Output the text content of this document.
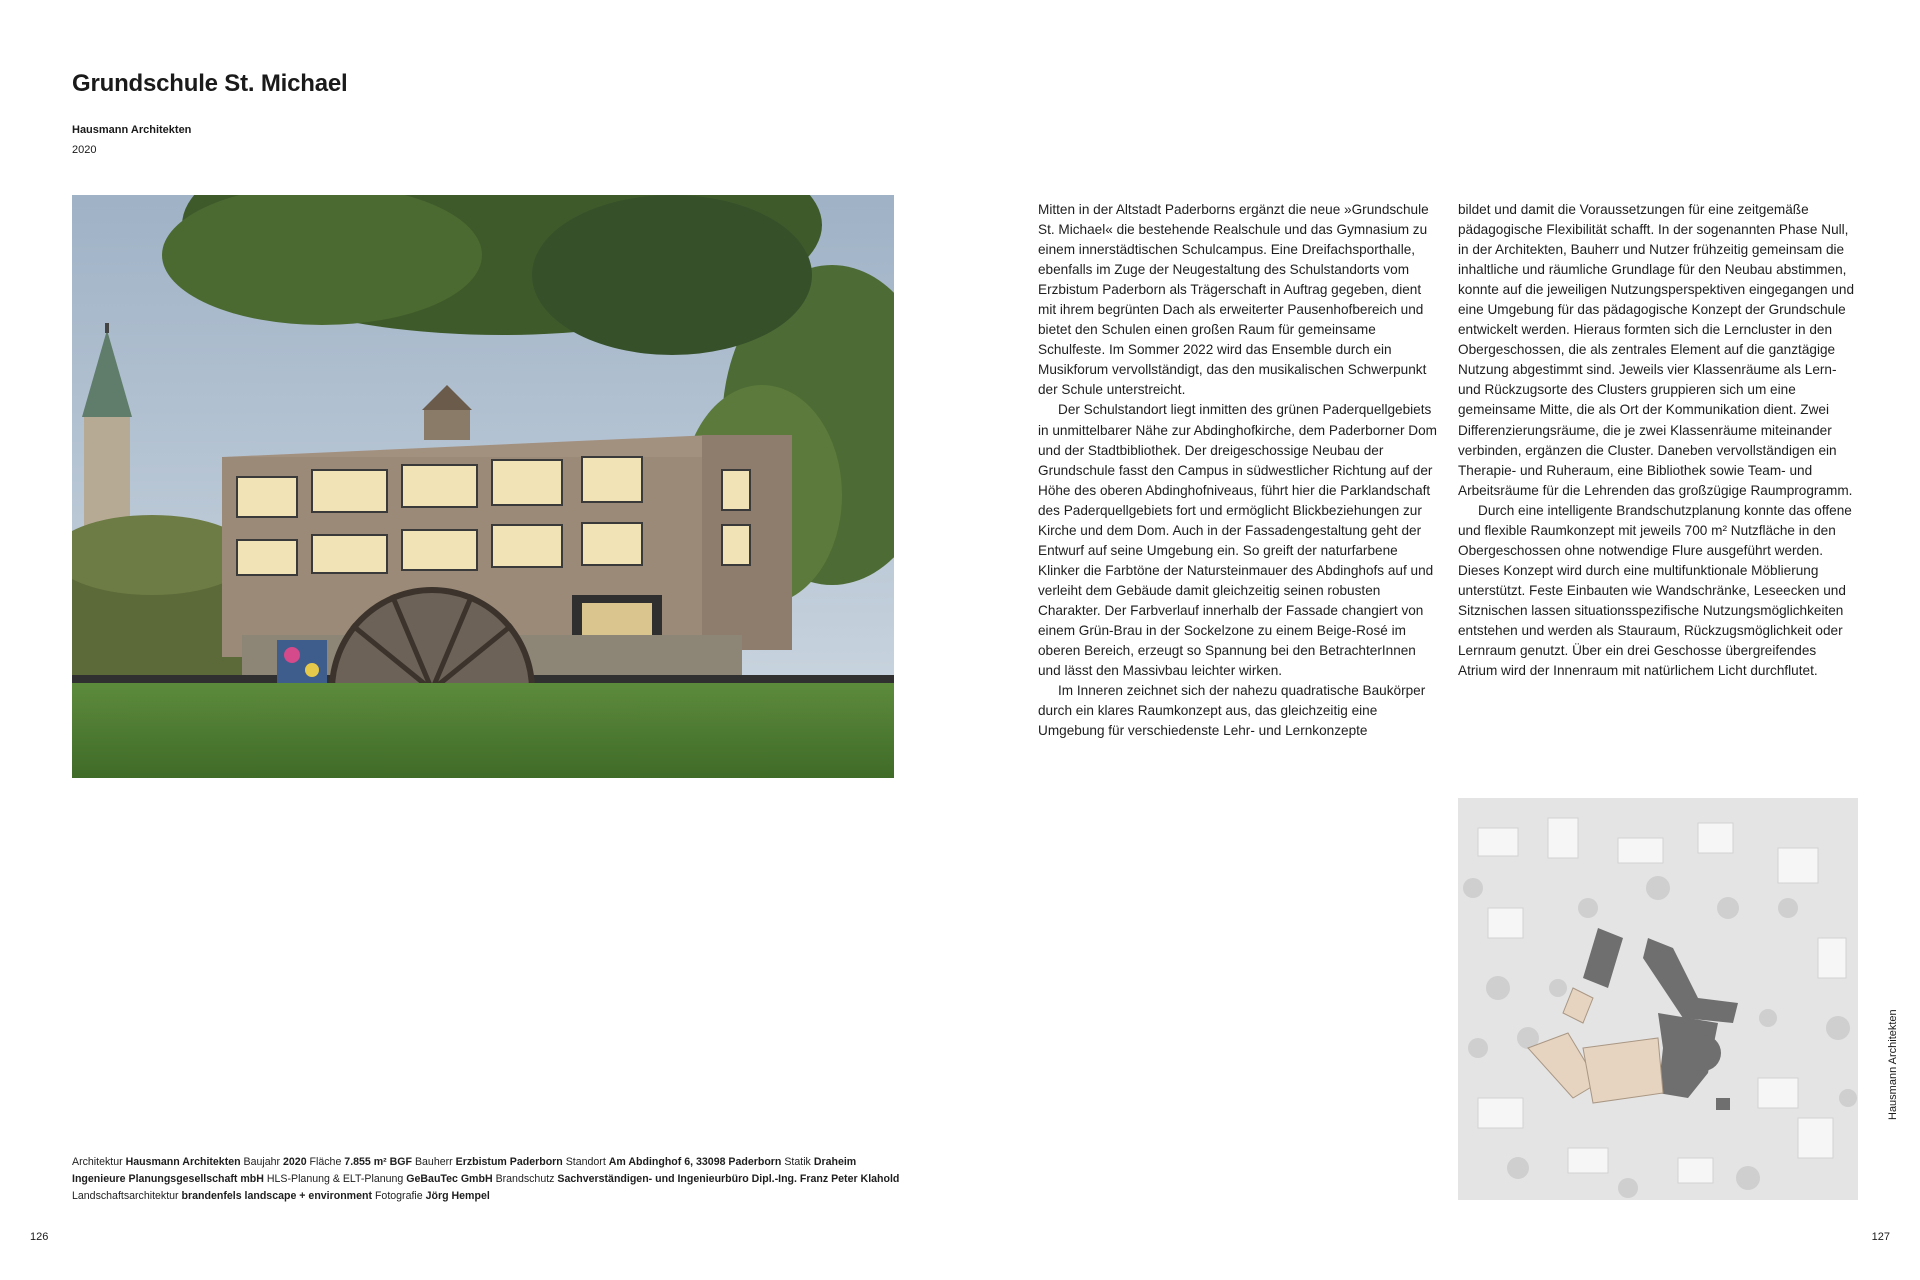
Grundschule St. Michael
Hausmann Architekten
2020

Mitten in der Altstadt Paderborns ergänzt die neue »Grundschule St. Michael« die bestehende Realschule und das Gymnasium zu einem innerstädtischen Schulcampus. Eine Dreifachsporthalle, ebenfalls im Zuge der Neugestaltung des Schulstandorts vom Erzbistum Paderborn als Trägerschaft in Auftrag gegeben, dient mit ihrem begrünten Dach als erweiterter Pausenhofbereich und bietet den Schulen einen großen Raum für gemeinsame Schulfeste. Im Sommer 2022 wird das Ensemble durch ein Musikforum vervollständigt, das den musikalischen Schwerpunkt der Schule unterstreicht.

Der Schulstandort liegt inmitten des grünen Paderquellgebiets in unmittelbarer Nähe zur Abdinghofkirche, dem Paderborner Dom und der Stadtbibliothek. Der dreigeschossige Neubau der Grundschule fasst den Campus in südwestlicher Richtung auf der Höhe des oberen Abdinghofniveaus, führt hier die Parklandschaft des Paderquellgebiets fort und ermöglicht Blickbeziehungen zur Kirche und dem Dom. Auch in der Fassadengestaltung geht der Entwurf auf seine Umgebung ein. So greift der naturfarbene Klinker die Farbtöne der Natursteinmauer des Abdinghofs auf und verleiht dem Gebäude damit gleichzeitig seinen robusten Charakter. Der Farbverlauf innerhalb der Fassade changiert von einem Grün-Brau in der Sockelzone zu einem Beige-Rosé im oberen Bereich, erzeugt so Spannung bei den BetrachterInnen und lässt den Massivbau leichter wirken.

Im Inneren zeichnet sich der nahezu quadratische Baukörper durch ein klares Raumkonzept aus, das gleichzeitig eine Umgebung für verschiedenste Lehr- und Lernkonzepte

bildet und damit die Voraussetzungen für eine zeitgemäße pädagogische Flexibilität schafft. In der sogenannten Phase Null, in der Architekten, Bauherr und Nutzer frühzeitig gemeinsam die inhaltliche und räumliche Grundlage für den Neubau abstimmen, konnte auf die jeweiligen Nutzungsperspektiven eingegangen und eine Umgebung für das pädagogische Konzept der Grundschule entwickelt werden. Hieraus formten sich die Lerncluster in den Obergeschossen, die als zentrales Element auf die ganztägige Nutzung abgestimmt sind. Jeweils vier Klassenräume als Lern- und Rückzugsorte des Clusters gruppieren sich um eine gemeinsame Mitte, die als Ort der Kommunikation dient. Zwei Differenzierungsräume, die je zwei Klassenräume miteinander verbinden, ergänzen die Cluster. Daneben vervollständigen ein Therapie- und Ruheraum, eine Bibliothek sowie Team- und Arbeitsräume für die Lehrenden das großzügige Raumprogramm.

Durch eine intelligente Brandschutzplanung konnte das offene und flexible Raumkonzept mit jeweils 700 m² Nutzfläche in den Obergeschossen ohne notwendige Flure ausgeführt werden. Dieses Konzept wird durch eine multifunktionale Möblierung unterstützt. Feste Einbauten wie Wandschränke, Leseecken und Sitznischen lassen situationsspezifische Nutzungsmöglichkeiten entstehen und werden als Stauraum, Rückzugsmöglichkeit oder Lernraum genutzt. Über ein drei Geschosse übergreifendes Atrium wird der Innenraum mit natürlichem Licht durchflutet.

Architektur Hausmann Architekten Baujahr 2020 Fläche 7.855 m² BGF Bauherr Erzbistum Paderborn Standort Am Abdinghof 6, 33098 Paderborn Statik Draheim Ingenieure Planungsgesellschaft mbH HLS-Planung & ELT-Planung GeBauTec GmbH Brandschutz Sachverständigen- und Ingenieurbüro Dipl.-Ing. Franz Peter Klahold Landschaftsarchitektur brandenfels landscape + environment Fotografie Jörg Hempel
126	127
Hausmann Architekten
